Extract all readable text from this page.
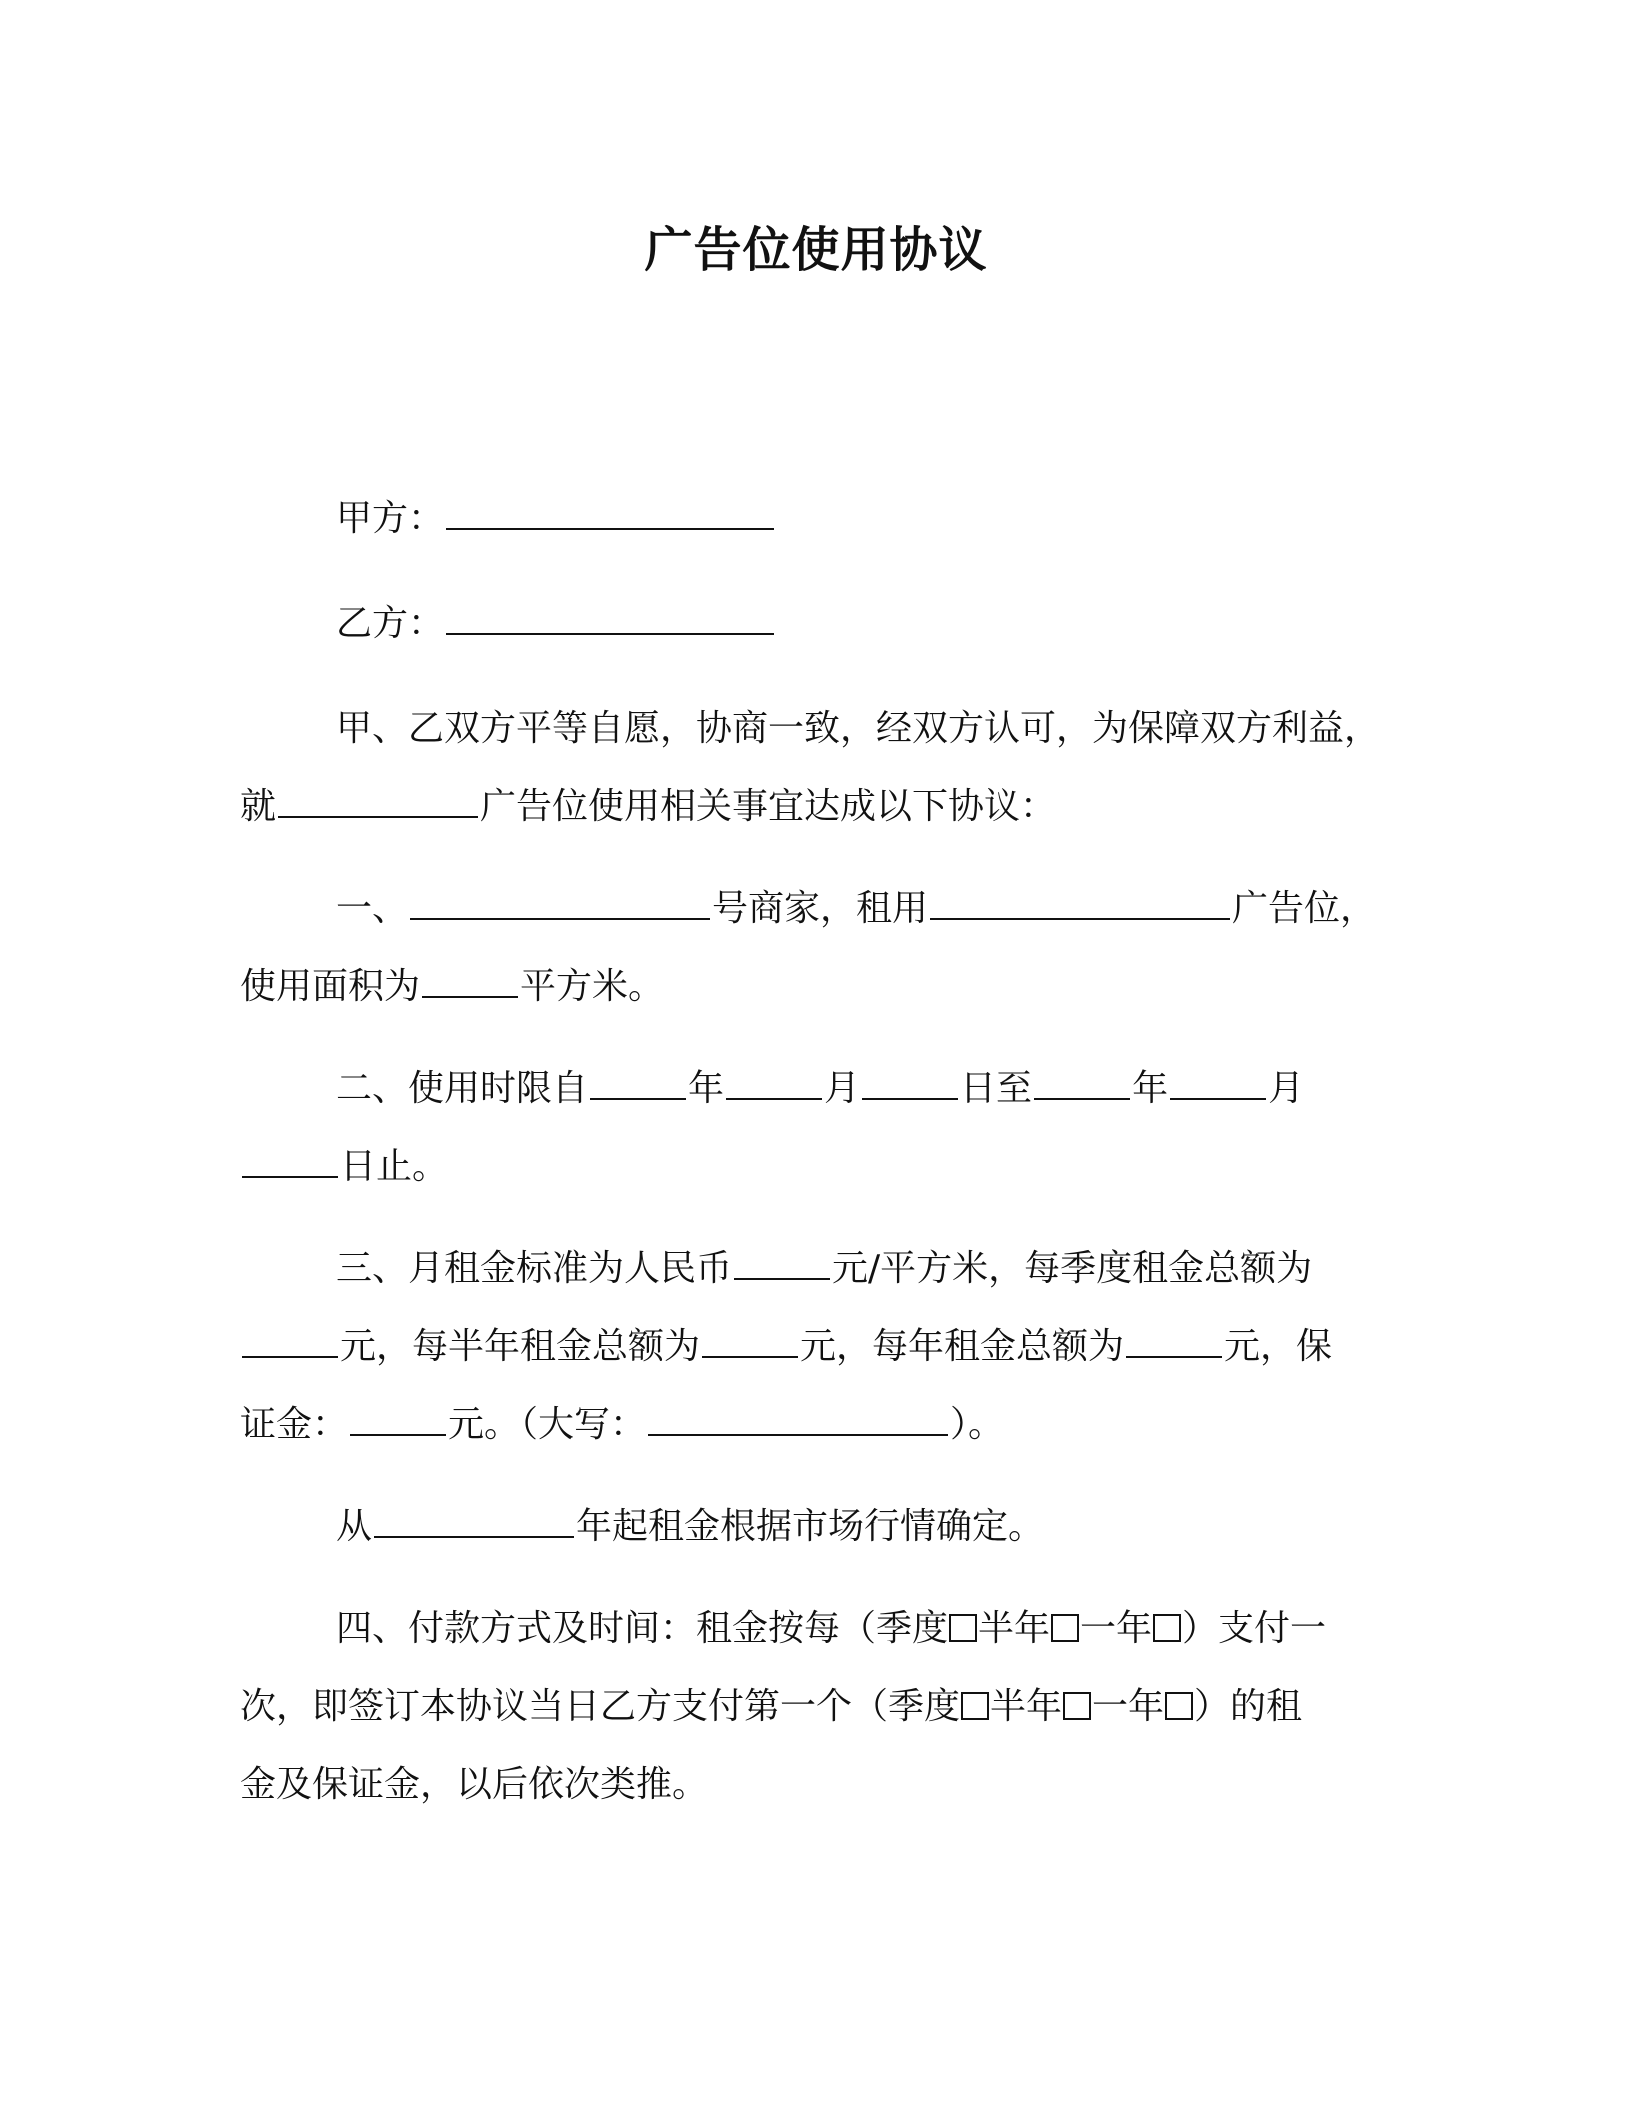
广告位使用协议
甲方：
乙方：
甲、乙双方平等自愿，协商一致，经双方认可，为保障双方利益，
就	广告位使用相关事宜达成以下协议：
一、	号商家，租用	广告位，
使用面积为	平方米。
二、使用时限自	年	月	日至	年	月
日止。
三、月租金标准为人民币	元/平方米，每季度租金总额为
元，每半年租金总额为	元，每年租金总额为	元，保
证金：	元。（大写：	）。
从	年起租金根据市场行情确定。
四、付款方式及时间：租金按每（季度 半年 一年 ）支付一
次，即签订本协议当日乙方支付第一个（季度 半年 一年 ）的租
金及保证金，以后依次类推。
